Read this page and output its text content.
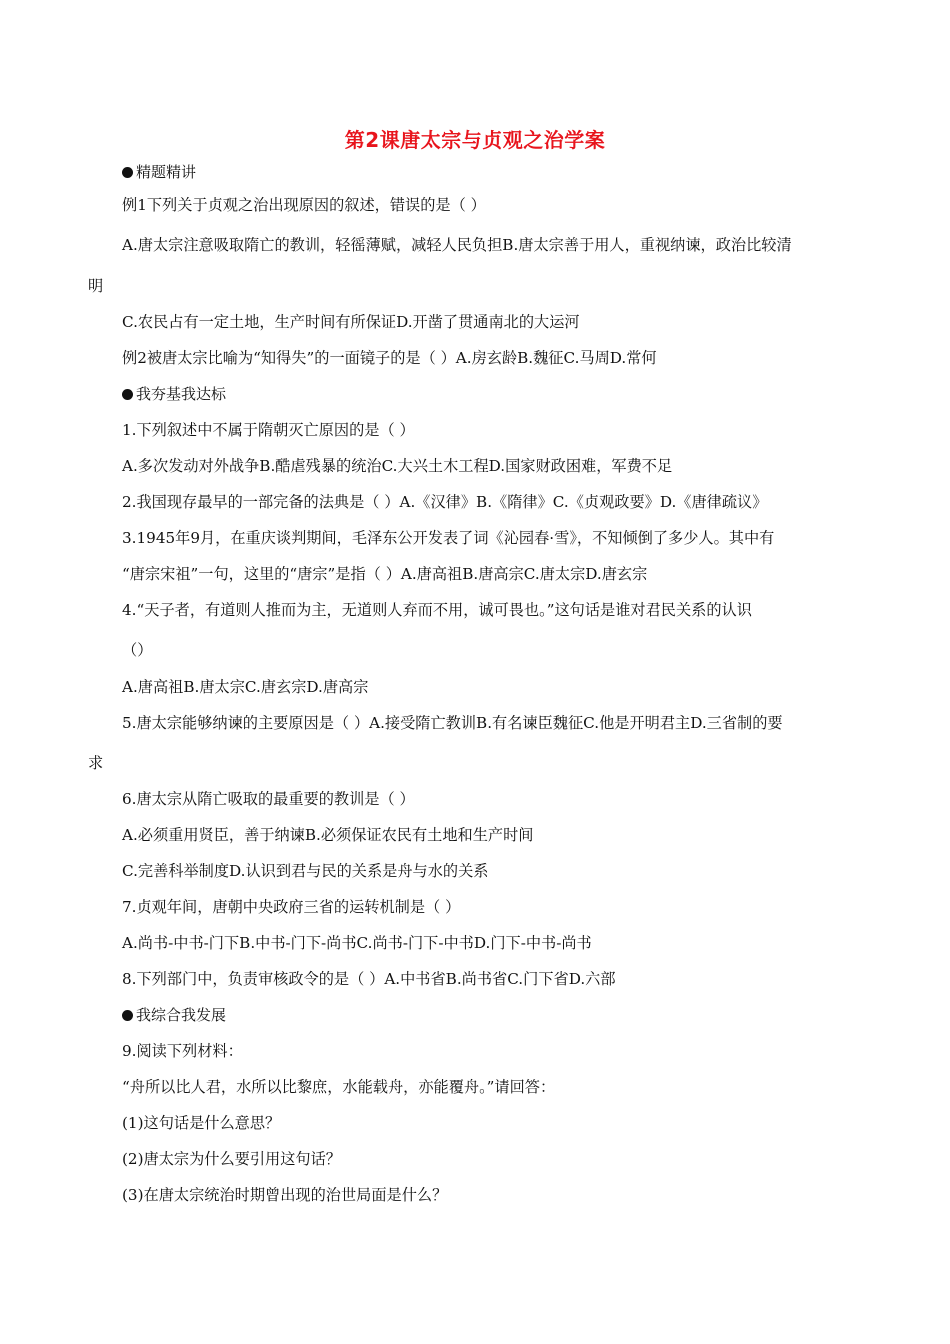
第2课唐太宗与贞观之治学案
精题精讲
例1下列关于贞观之治出现原因的叙述，错误的是（ ）
A.唐太宗注意吸取隋亡的教训，轻徭薄赋，减轻人民负担B.唐太宗善于用人，重视纳谏，政治比较清
明
C.农民占有一定土地，生产时间有所保证D.开凿了贯通南北的大运河
例2被唐太宗比喻为“知得失”的一面镜子的是（ ）A.房玄龄B.魏征C.马周D.常何
我夯基我达标
1.下列叙述中不属于隋朝灭亡原因的是（ ）
A.多次发动对外战争B.酷虐残暴的统治C.大兴土木工程D.国家财政困难，军费不足
2.我国现存最早的一部完备的法典是（ ）A.《汉律》B.《隋律》C.《贞观政要》D.《唐律疏议》
3.1945年9月，在重庆谈判期间，毛泽东公开发表了词《沁园春·雪》，不知倾倒了多少人。其中有
“唐宗宋祖”一句，这里的“唐宗”是指（ ）A.唐高祖B.唐高宗C.唐太宗D.唐玄宗
4.“天子者，有道则人推而为主，无道则人弃而不用，诚可畏也。”这句话是谁对君民关系的认识
（）
A.唐高祖B.唐太宗C.唐玄宗D.唐高宗
5.唐太宗能够纳谏的主要原因是（ ）A.接受隋亡教训B.有名谏臣魏征C.他是开明君主D.三省制的要
求
6.唐太宗从隋亡吸取的最重要的教训是（ ）
A.必须重用贤臣，善于纳谏B.必须保证农民有土地和生产时间
C.完善科举制度D.认识到君与民的关系是舟与水的关系
7.贞观年间，唐朝中央政府三省的运转机制是（ ）
A.尚书-中书-门下B.中书-门下-尚书C.尚书-门下-中书D.门下-中书-尚书
8.下列部门中，负责审核政令的是（ ）A.中书省B.尚书省C.门下省D.六部
我综合我发展
9.阅读下列材料：
“舟所以比人君，水所以比黎庶，水能载舟，亦能覆舟。”请回答：
(1)这句话是什么意思？
(2)唐太宗为什么要引用这句话？
(3)在唐太宗统治时期曾出现的治世局面是什么？
